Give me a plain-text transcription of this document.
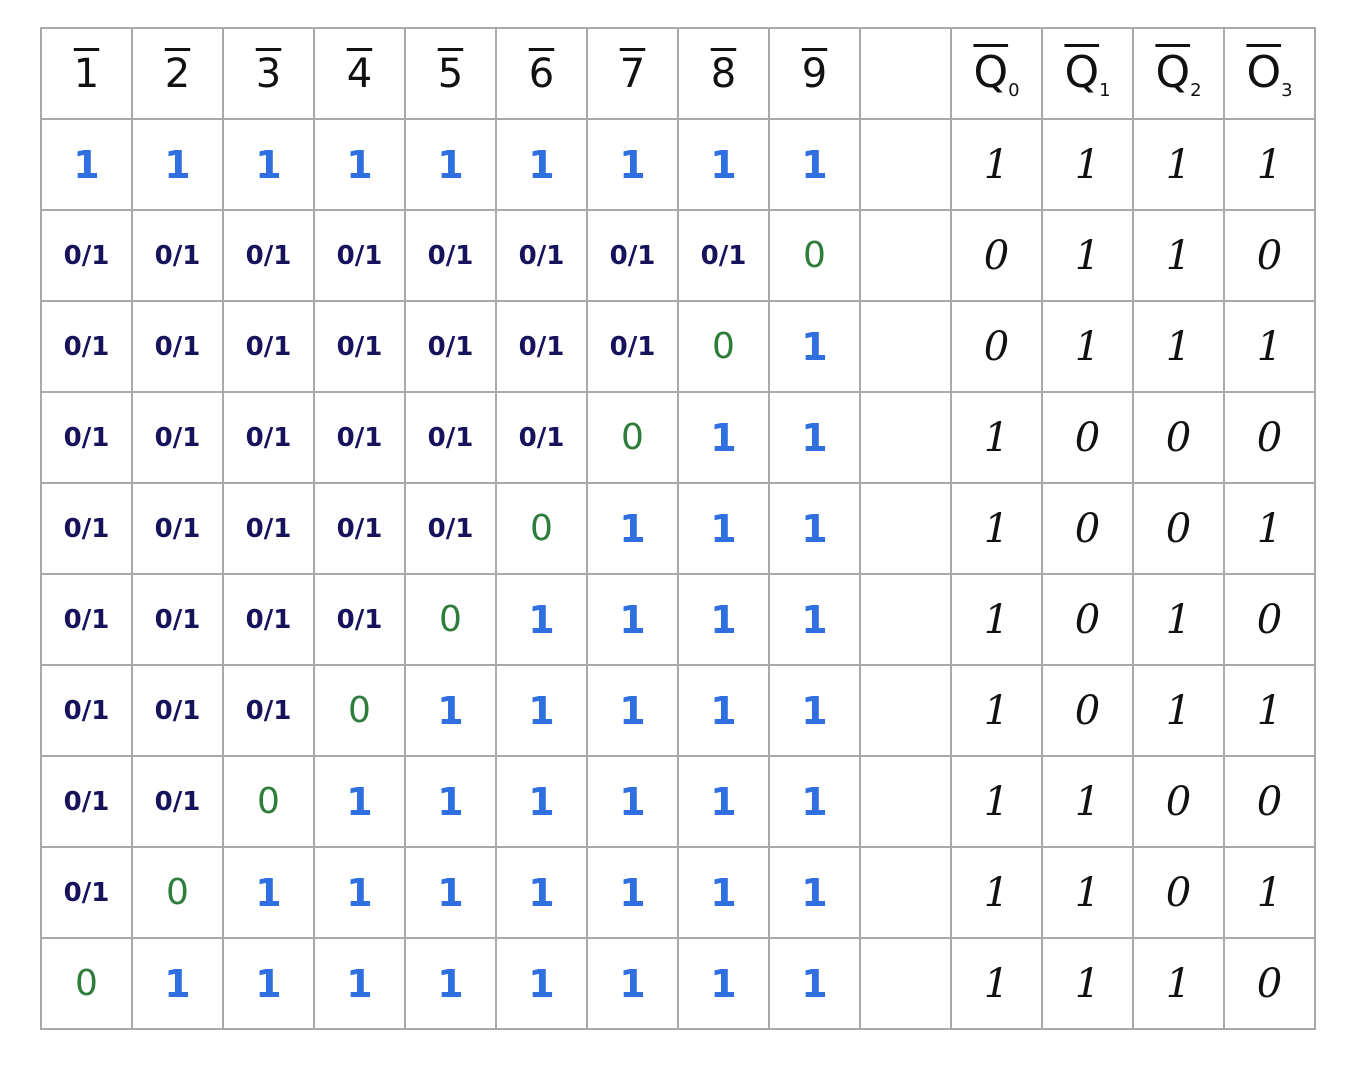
1	2	3	4	5	6	7	8	9		$\overline{Q}_0$	$\overline{Q}_1$	$\overline{Q}_2$	$\overline{O}_3$
1	1	1	1	1	1	1	1	1		1	1	1	1
0/1	0/1	0/1	0/1	0/1	0/1	0/1	0/1	0		0	1	1	0
0/1	0/1	0/1	0/1	0/1	0/1	0/1	0	1		0	1	1	1
0/1	0/1	0/1	0/1	0/1	0/1	0	1	1		1	0	0	0
0/1	0/1	0/1	0/1	0/1	0	1	1	1		1	0	0	1
0/1	0/1	0/1	0/1	0	1	1	1	1		1	0	1	0
0/1	0/1	0/1	0	1	1	1	1	1		1	0	1	1
0/1	0/1	0	1	1	1	1	1	1		1	1	0	0
0/1	0	1	1	1	1	1	1	1		1	1	0	1
0	1	1	1	1	1	1	1	1		1	1	1	0
